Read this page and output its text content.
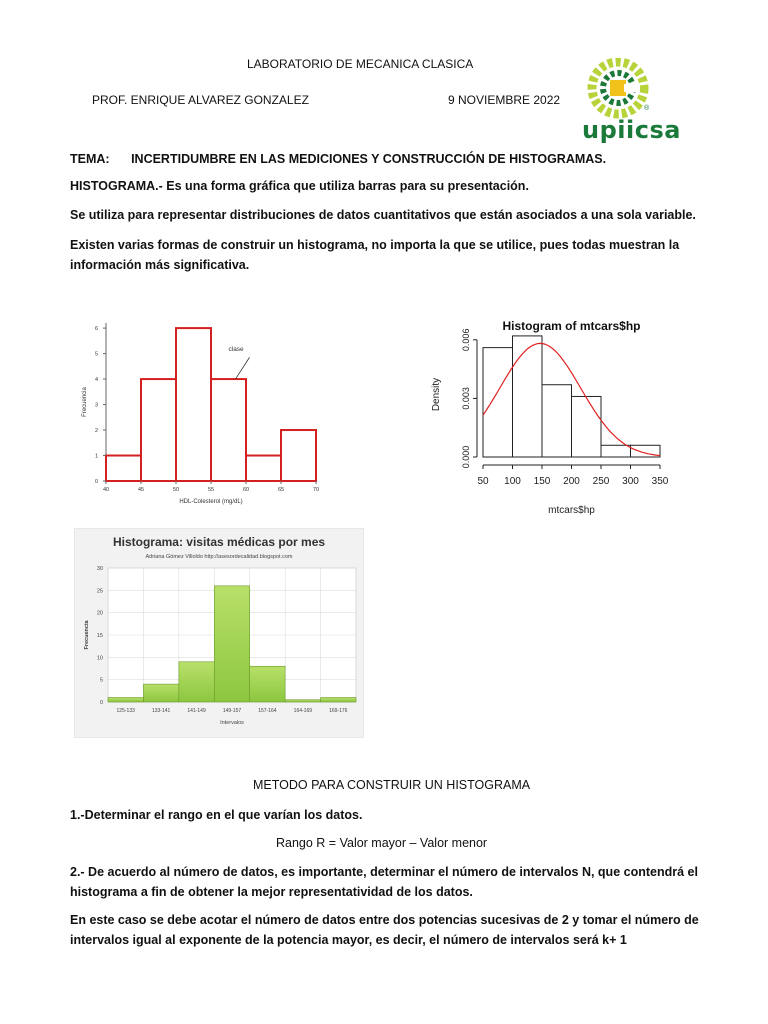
LABORATORIO DE MECANICA CLASICA
PROF. ENRIQUE ALVAREZ GONZALEZ	9 NOVIEMBRE 2022
®
upiicsa
TEMA: INCERTIDUMBRE EN LAS MEDICIONES Y CONSTRUCCIÓN DE HISTOGRAMAS.
HISTOGRAMA.- Es una forma gráfica que utiliza barras para su presentación.
Se utiliza para representar distribuciones de datos cuantitativos que están asociados a una sola variable.
Existen varias formas de construir un histograma, no importa la que se utilice, pues todas muestran la
información más significativa.
40	45	50	55	60	65	70
0
1
2
3
4
5
6
HDL-Colesterol (mg/dL)
Frecuencia
clase
Histogram of mtcars$hp
0.000
0.003
0.006
50 100 150 200 250 300 350
mtcars$hp
Density
Histograma: visitas médicas por mes
Adriana Gómez Villoldo http://asesordecalidad.blogspot.com
0
5
10
15
20
25
30
125-133	133-141	141-149	149-157	157-164	164-169	169-176
Intervalos
Frecuencia
METODO PARA CONSTRUIR UN HISTOGRAMA
1.-Determinar el rango en el que varían los datos.
Rango R = Valor mayor – Valor menor
2.- De acuerdo al número de datos, es importante, determinar el número de intervalos N, que contendrá el
histograma a fin de obtener la mejor representatividad de los datos.
En este caso se debe acotar el número de datos entre dos potencias sucesivas de 2 y tomar el número de
intervalos igual al exponente de la potencia mayor, es decir, el número de intervalos será k+ 1
